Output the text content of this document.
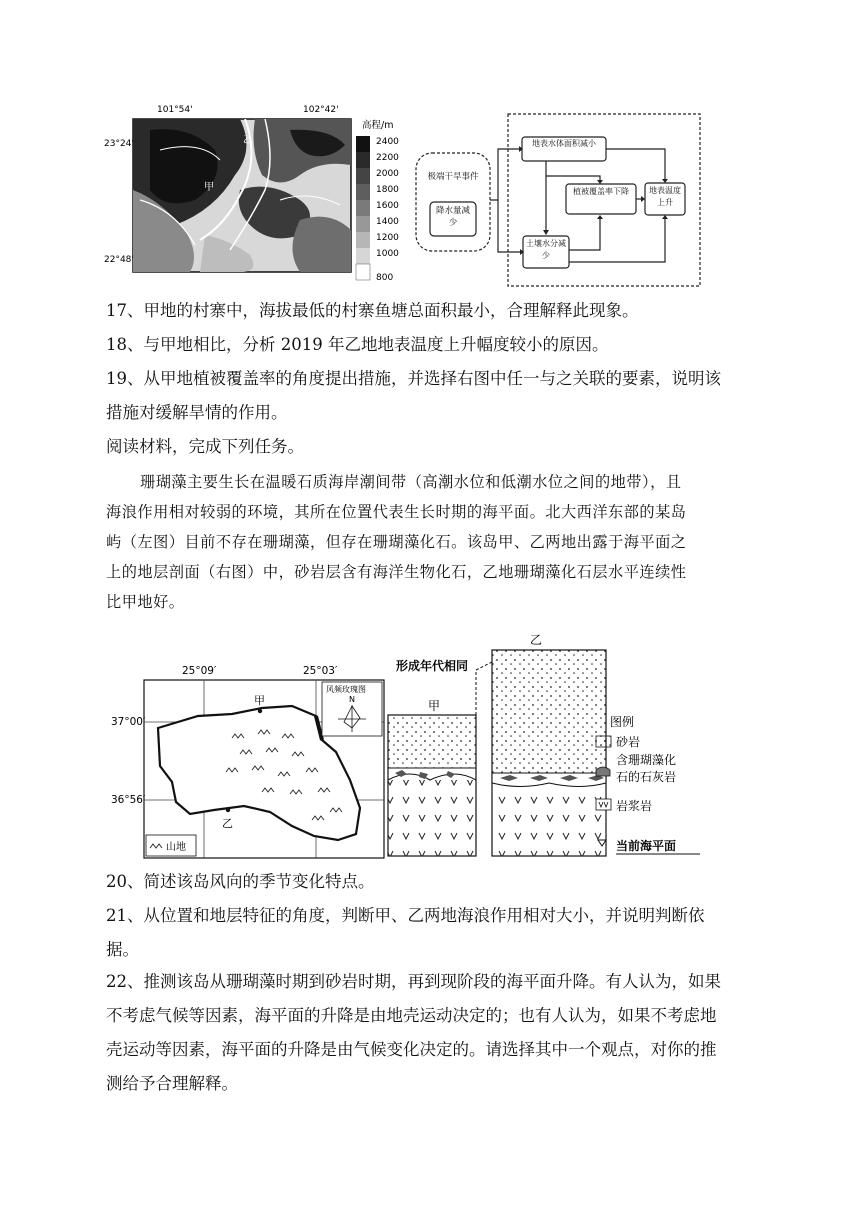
101°54'	102°42'
23°24'
22°48'
乙
甲
高程/m
2400
2200
2000
1800
1600
1400
1200
1000
800
极端干旱事件
降水量减少
地表水体面积减小
植被覆盖率下降
土壤水分减少
地表温度上升
17、甲地的村寨中，海拔最低的村寨鱼塘总面积最小，合理解释此现象。
18、与甲地相比，分析 2019 年乙地地表温度上升幅度较小的原因。
19、从甲地植被覆盖率的角度提出措施，并选择右图中任一与之关联的要素，说明该
措施对缓解旱情的作用。
阅读材料，完成下列任务。
珊瑚藻主要生长在温暖石质海岸潮间带（高潮水位和低潮水位之间的地带），且
海浪作用相对较弱的环境，其所在位置代表生长时期的海平面。北大西洋东部的某岛
屿（左图）目前不存在珊瑚藻，但存在珊瑚藻化石。该岛甲、乙两地出露于海平面之
上的地层剖面（右图）中，砂岩层含有海洋生物化石，乙地珊瑚藻化石层水平连续性
比甲地好。
25°09′	25°03′
37°00′
36°56′
甲
乙
风频玫瑰图
N
山地
甲
乙
形成年代相同
图例
砂岩
含珊瑚藻化
石的石灰岩
岩浆岩
当前海平面
20、简述该岛风向的季节变化特点。
21、从位置和地层特征的角度，判断甲、乙两地海浪作用相对大小，并说明判断依
据。
22、推测该岛从珊瑚藻时期到砂岩时期，再到现阶段的海平面升降。有人认为，如果
不考虑气候等因素，海平面的升降是由地壳运动决定的；也有人认为，如果不考虑地
壳运动等因素，海平面的升降是由气候变化决定的。请选择其中一个观点，对你的推
测给予合理解释。
